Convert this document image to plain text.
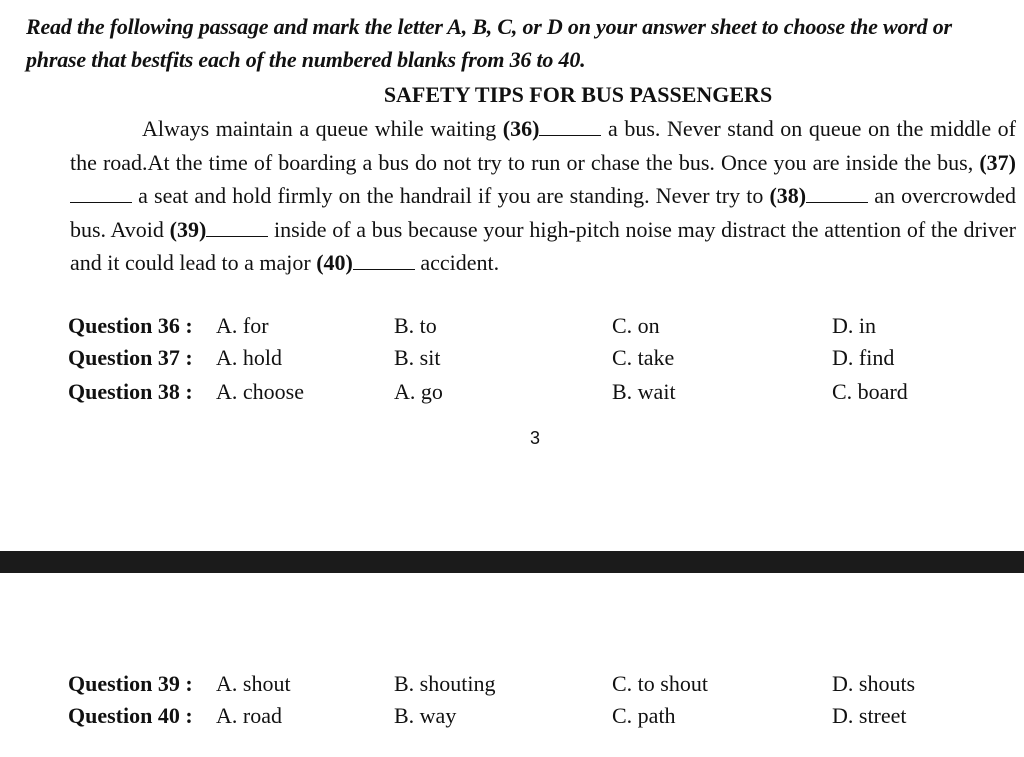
Read the following passage and mark the letter A, B, C, or D on your answer sheet to choose the word or phrase that bestfits each of the numbered blanks from 36 to 40.
SAFETY TIPS FOR BUS PASSENGERS

Always maintain a queue while waiting (36)	a bus. Never stand on queue on the middle of the road.At the time of boarding a bus do not try to run or chase the bus. Once you are inside the bus, (37) a seat and hold firmly on the handrail if you are standing. Never try to (38)	an overcrowded bus. Avoid (39)	inside of a bus because your high-pitch noise may distract the attention of the driver and it could lead to a major (40)	accident.

Question 36 : A. for	B. to	C. on	D. in
Question 37 : A. hold	B. sit	C. take	D. find
Question 38 : A. choose	A. go	B. wait	C. board
3
Question 39 : A. shout	B. shouting	C. to shout	D. shouts
Question 40 : A. road	B. way	C. path	D. street
